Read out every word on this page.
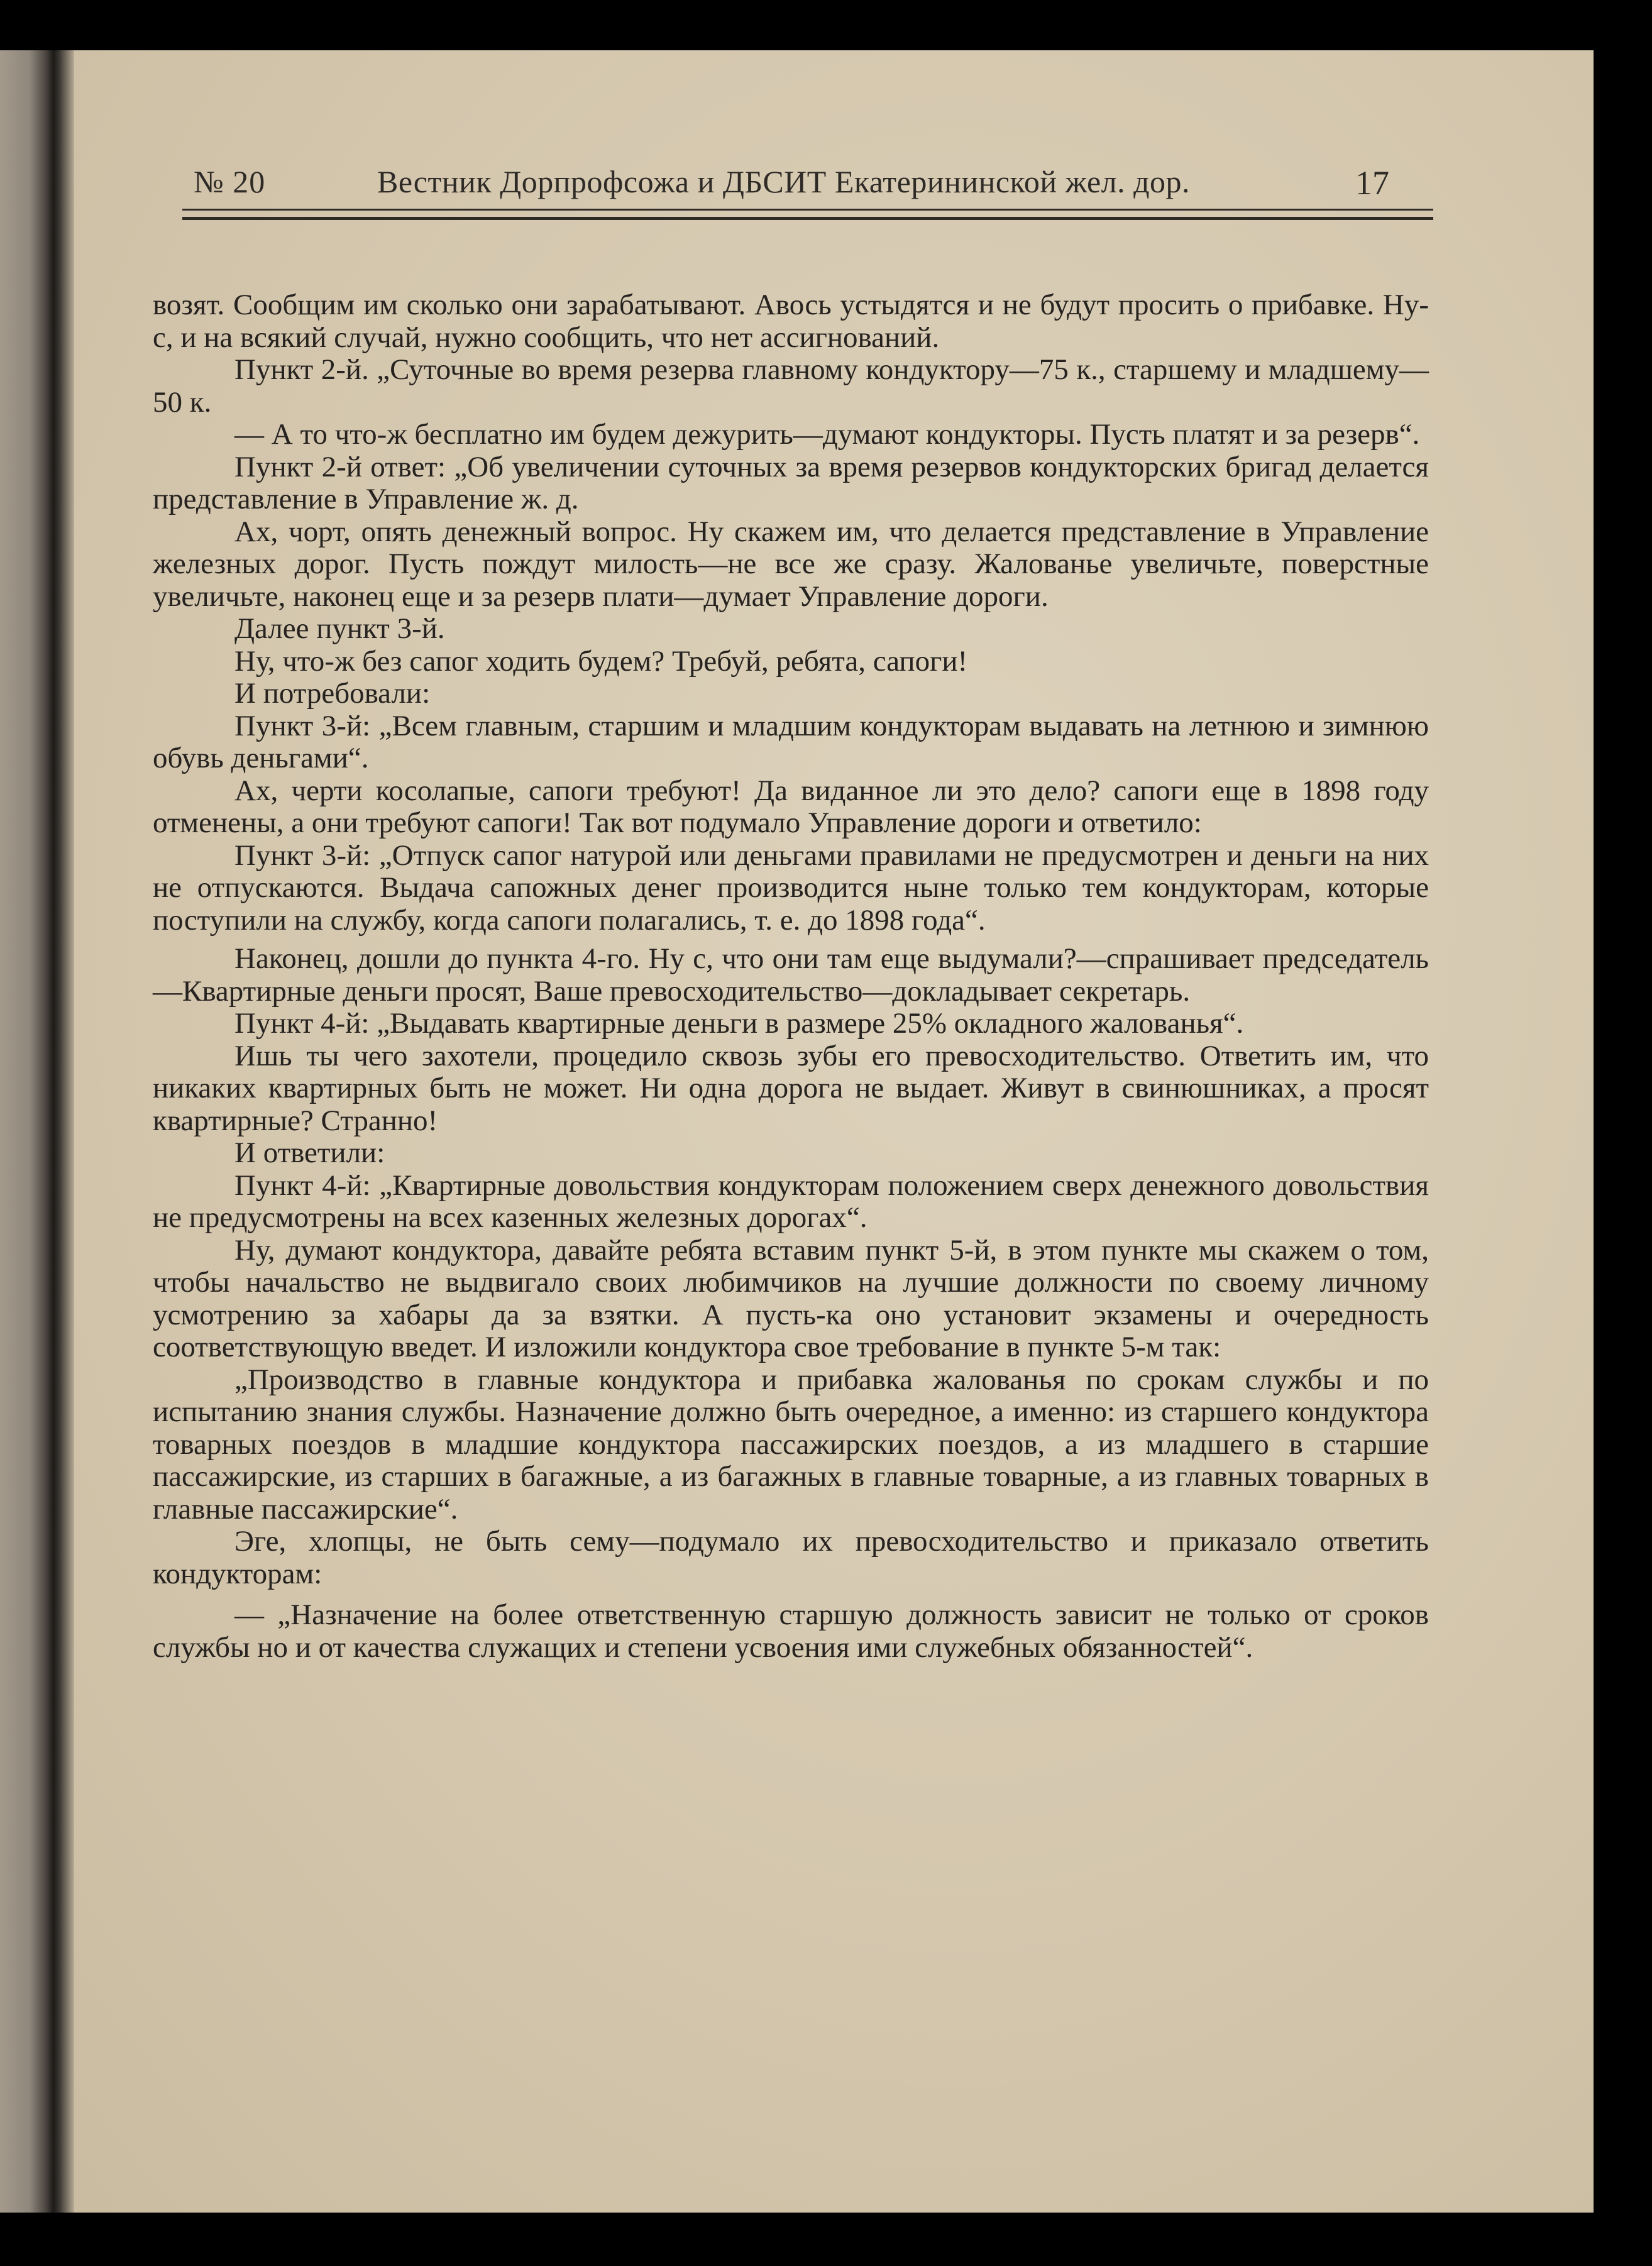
№ 20	Вестник Дорпрофсожа и ДБСИТ Екатерининской жел. дор.	17

возят. Сообщим им сколько они зарабатывают. Авось устыдятся и не будут просить о прибавке. Ну-с, и на всякий случай, нужно сообщить, что нет ассигнований.

Пункт 2-й. „Суточные во время резерва главному кондуктору—75 к., старшему и младшему—50 к.

— А то что-ж бесплатно им будем дежурить—думают кондукторы. Пусть платят и за резерв“.

Пункт 2-й ответ: „Об увеличении суточных за время резервов кондукторских бригад делается представление в Управление ж. д.

Ах, чорт, опять денежный вопрос. Ну скажем им, что делается представление в Управление железных дорог. Пусть пождут милость—не все же сразу. Жалованье увеличьте, поверстные увеличьте, наконец еще и за резерв плати—думает Управление дороги.

Далее пункт 3-й.

Ну, что-ж без сапог ходить будем? Требуй, ребята, сапоги!

И потребовали:

Пункт 3-й: „Всем главным, старшим и младшим кондукторам выдавать на летнюю и зимнюю обувь деньгами“.

Ах, черти косолапые, сапоги требуют! Да виданное ли это дело? сапоги еще в 1898 году отменены, а они требуют сапоги! Так вот подумало Управление дороги и ответило:

Пункт 3-й: „Отпуск сапог натурой или деньгами правилами не предусмотрен и деньги на них не отпускаются. Выдача сапожных денег производится ныне только тем кондукторам, которые поступили на службу, когда сапоги полагались, т. е. до 1898 года“.

Наконец, дошли до пункта 4-го. Ну с, что они там еще выдумали?—спрашивает председатель—Квартирные деньги просят, Ваше превосходительство—докладывает секретарь.

Пункт 4-й: „Выдавать квартирные деньги в размере 25% окладного жалованья“.

Ишь ты чего захотели, процедило сквозь зубы его превосходительство. Ответить им, что никаких квартирных быть не может. Ни одна дорога не выдает. Живут в свинюшниках, а просят квартирные? Странно!

И ответили:

Пункт 4-й: „Квартирные довольствия кондукторам положением сверх денежного довольствия не предусмотрены на всех казенных железных дорогах“.

Ну, думают кондуктора, давайте ребята вставим пункт 5-й, в этом пункте мы скажем о том, чтобы начальство не выдвигало своих любимчиков на лучшие должности по своему личному усмотрению за хабары да за взятки. А пусть-ка оно установит экзамены и очередность соответствующую введет. И изложили кондуктора свое требование в пункте 5-м так:

„Производство в главные кондуктора и прибавка жалованья по срокам службы и по испытанию знания службы. Назначение должно быть очередное, а именно: из старшего кондуктора товарных поездов в младшие кондуктора пассажирских поездов, а из младшего в старшие пассажирские, из старших в багажные, а из багажных в главные товарные, а из главных товарных в главные пассажирские“.

Эге, хлопцы, не быть сему—подумало их превосходительство и приказало ответить кондукторам:

— „Назначение на более ответственную старшую должность зависит не только от сроков службы но и от качества служащих и степени усвоения ими служебных обязанностей“.
